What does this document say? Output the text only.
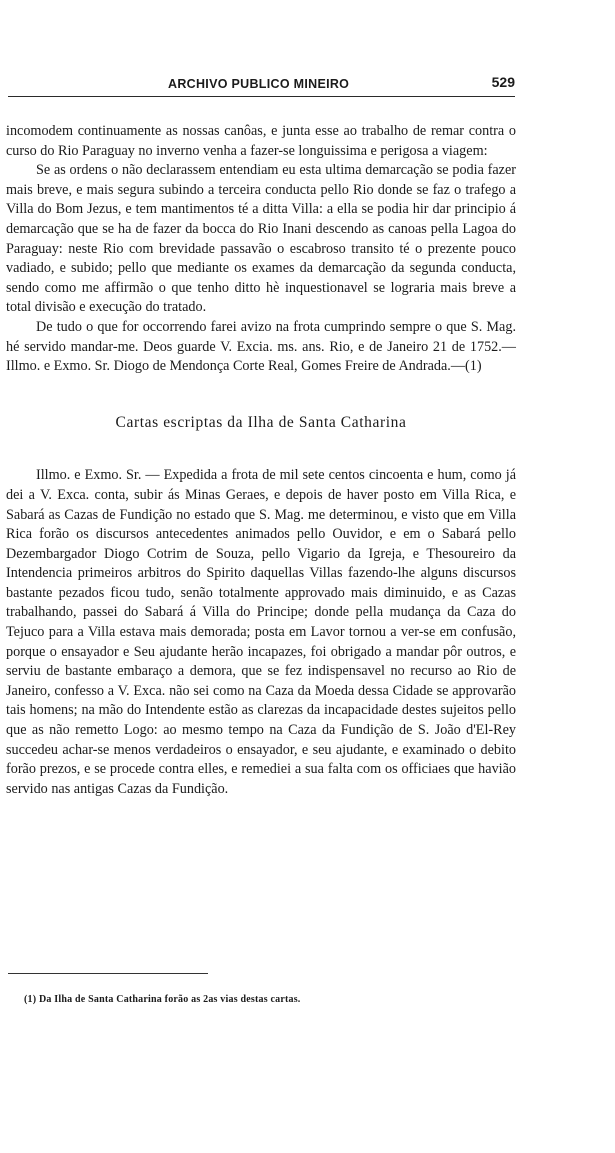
ARCHIVO PUBLICO MINEIRO	529

incomodem continuamente as nossas canôas, e junta esse ao trabalho de remar contra o curso do Rio Paraguay no inverno venha a fazer-se longuissima e perigosa a viagem:

Se as ordens o não declarassem entendiam eu esta ultima demarcação se podia fazer mais breve, e mais segura subindo a terceira conducta pello Rio donde se faz o trafego a Villa do Bom Jezus, e tem mantimentos té a ditta Villa: a ella se podia hir dar principio á demarcação que se ha de fazer da bocca do Rio Inani descendo as canoas pella Lagoa do Paraguay: neste Rio com brevidade passavão o escabroso transito té o prezente pouco vadiado, e subido; pello que mediante os exames da demarcação da segunda conducta, sendo como me affirmão o que tenho ditto hè inquestionavel se lograria mais breve a total divisão e execução do tratado.

De tudo o que for occorrendo farei avizo na frota cumprindo sempre o que S. Mag. hé servido mandar-me. Deos guarde V. Excia. ms. ans. Rio, e de Janeiro 21 de 1752.— Illmo. e Exmo. Sr. Diogo de Mendonça Corte Real, Gomes Freire de Andrada.—(1)

Cartas escriptas da Ilha de Santa Catharina

Illmo. e Exmo. Sr. — Expedida a frota de mil sete centos cincoenta e hum, como já dei a V. Exca. conta, subir ás Minas Geraes, e depois de haver posto em Villa Rica, e Sabará as Cazas de Fundição no estado que S. Mag. me determinou, e visto que em Villa Rica forão os discursos antecedentes animados pello Ouvidor, e em o Sabará pello Dezembargador Diogo Cotrim de Souza, pello Vigario da Igreja, e Thesoureiro da Intendencia primeiros arbitros do Spirito daquellas Villas fazendo-lhe alguns discursos bastante pezados ficou tudo, senão totalmente approvado mais diminuido, e as Cazas trabalhando, passei do Sabará á Villa do Principe; donde pella mudança da Caza do Tejuco para a Villa estava mais demorada; posta em Lavor tornou a ver-se em confusão, porque o ensayador e Seu ajudante herão incapazes, foi obrigado a mandar pôr outros, e serviu de bastante embaraço a demora, que se fez indispensavel no recurso ao Rio de Janeiro, confesso a V. Exca. não sei como na Caza da Moeda dessa Cidade se approvarão tais homens; na mão do Intendente estão as clarezas da incapacidade destes sujeitos pello que as não remetto Logo: ao mesmo tempo na Caza da Fundição de S. João d'El-Rey succedeu achar-se menos verdadeiros o ensayador, e seu ajudante, e examinado o debito forão prezos, e se procede contra elles, e remediei a sua falta com os officiaes que havião servido nas antigas Cazas da Fundição.

(1) Da Ilha de Santa Catharina forão as 2as vias destas cartas.
